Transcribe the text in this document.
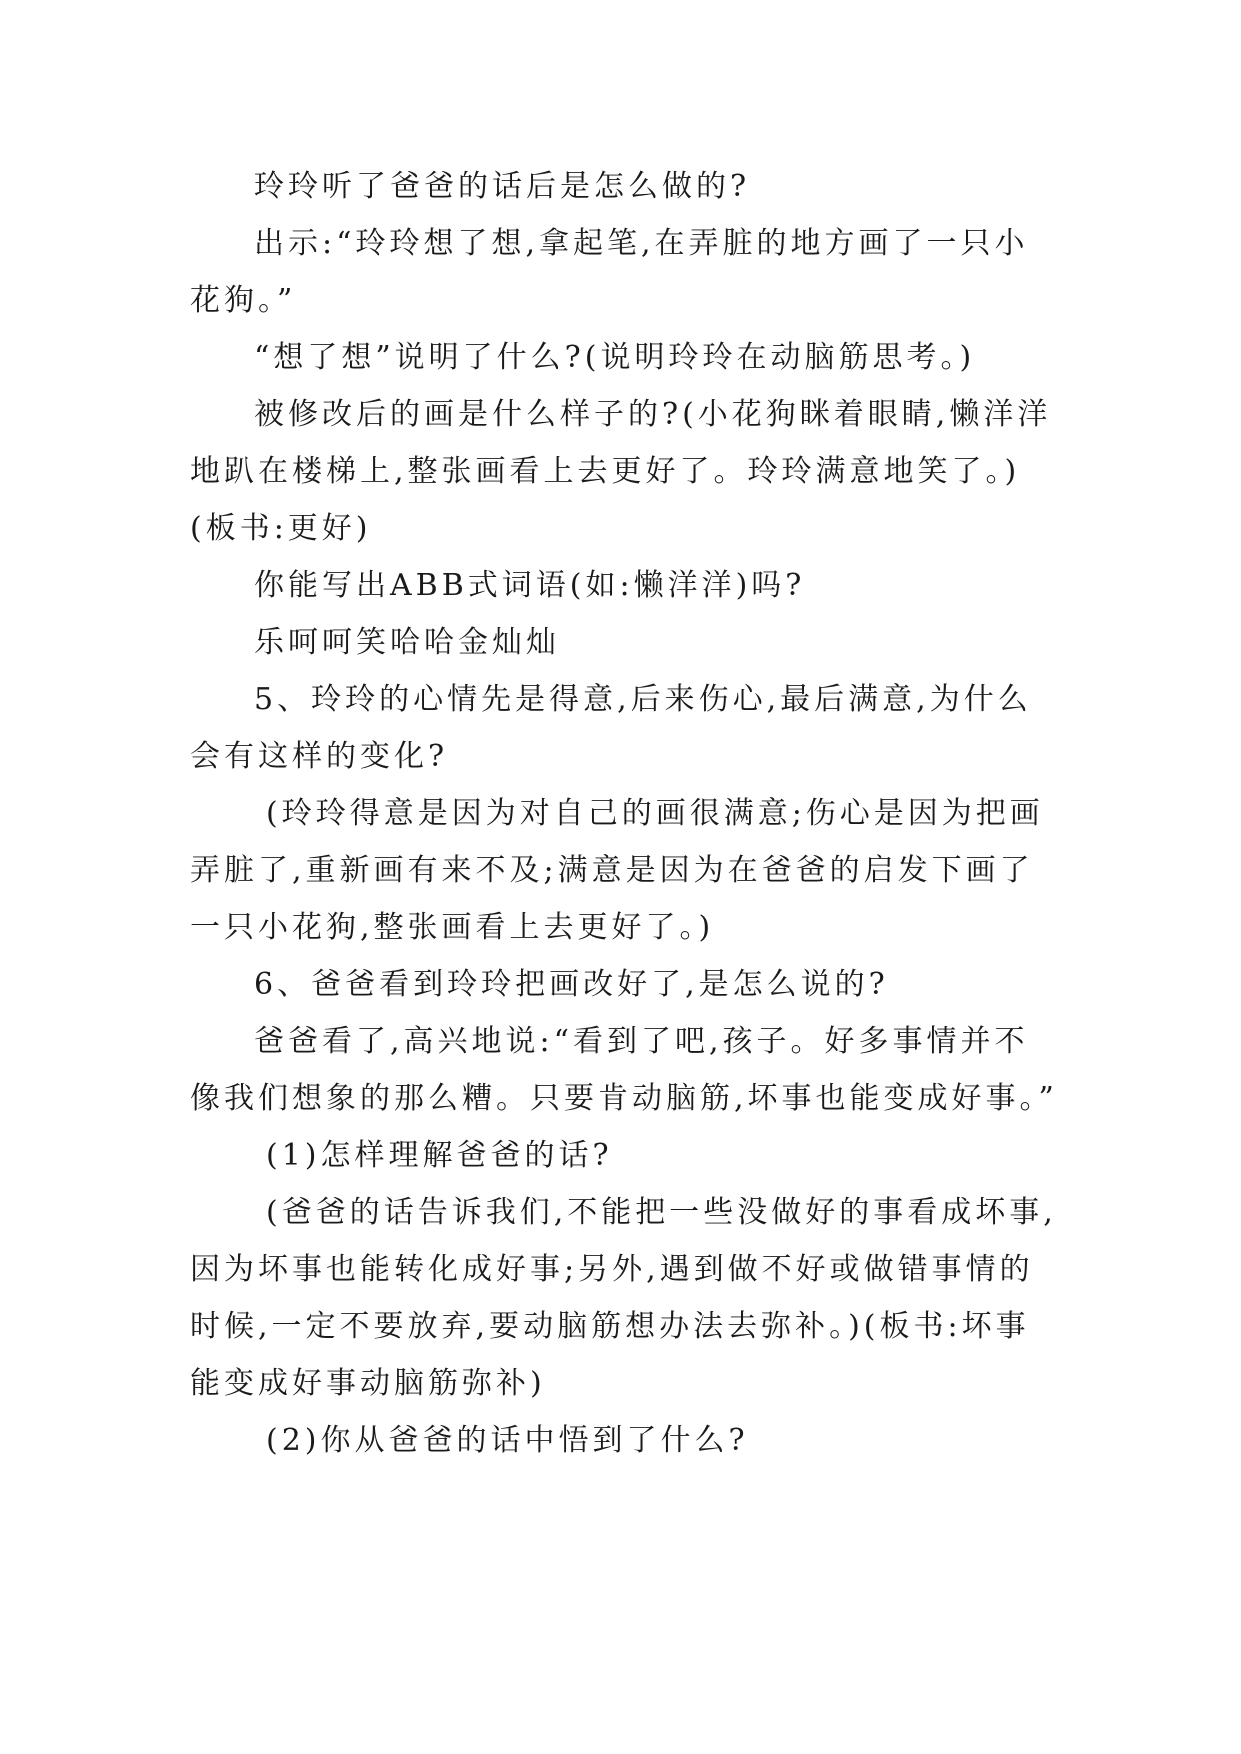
玲玲听了爸爸的话后是怎么做的?

出示:“玲玲想了想,拿起笔,在弄脏的地方画了一只小花狗。”

“想了想”说明了什么?(说明玲玲在动脑筋思考。)

被修改后的画是什么样子的?(小花狗眯着眼睛,懒洋洋地趴在楼梯上,整张画看上去更好了。玲玲满意地笑了。)

(板书:更好)

你能写出ABB式词语(如:懒洋洋)吗?

乐呵呵笑哈哈金灿灿

5、玲玲的心情先是得意,后来伤心,最后满意,为什么会有这样的变化?

(玲玲得意是因为对自己的画很满意;伤心是因为把画弄脏了,重新画有来不及;满意是因为在爸爸的启发下画了一只小花狗,整张画看上去更好了。)

6、爸爸看到玲玲把画改好了,是怎么说的?

爸爸看了,高兴地说:“看到了吧,孩子。好多事情并不像我们想象的那么糟。只要肯动脑筋,坏事也能变成好事。”

(1)怎样理解爸爸的话?

(爸爸的话告诉我们,不能把一些没做好的事看成坏事,因为坏事也能转化成好事;另外,遇到做不好或做错事情的时候,一定不要放弃,要动脑筋想办法去弥补。)(板书:坏事能变成好事动脑筋弥补)

(2)你从爸爸的话中悟到了什么?
